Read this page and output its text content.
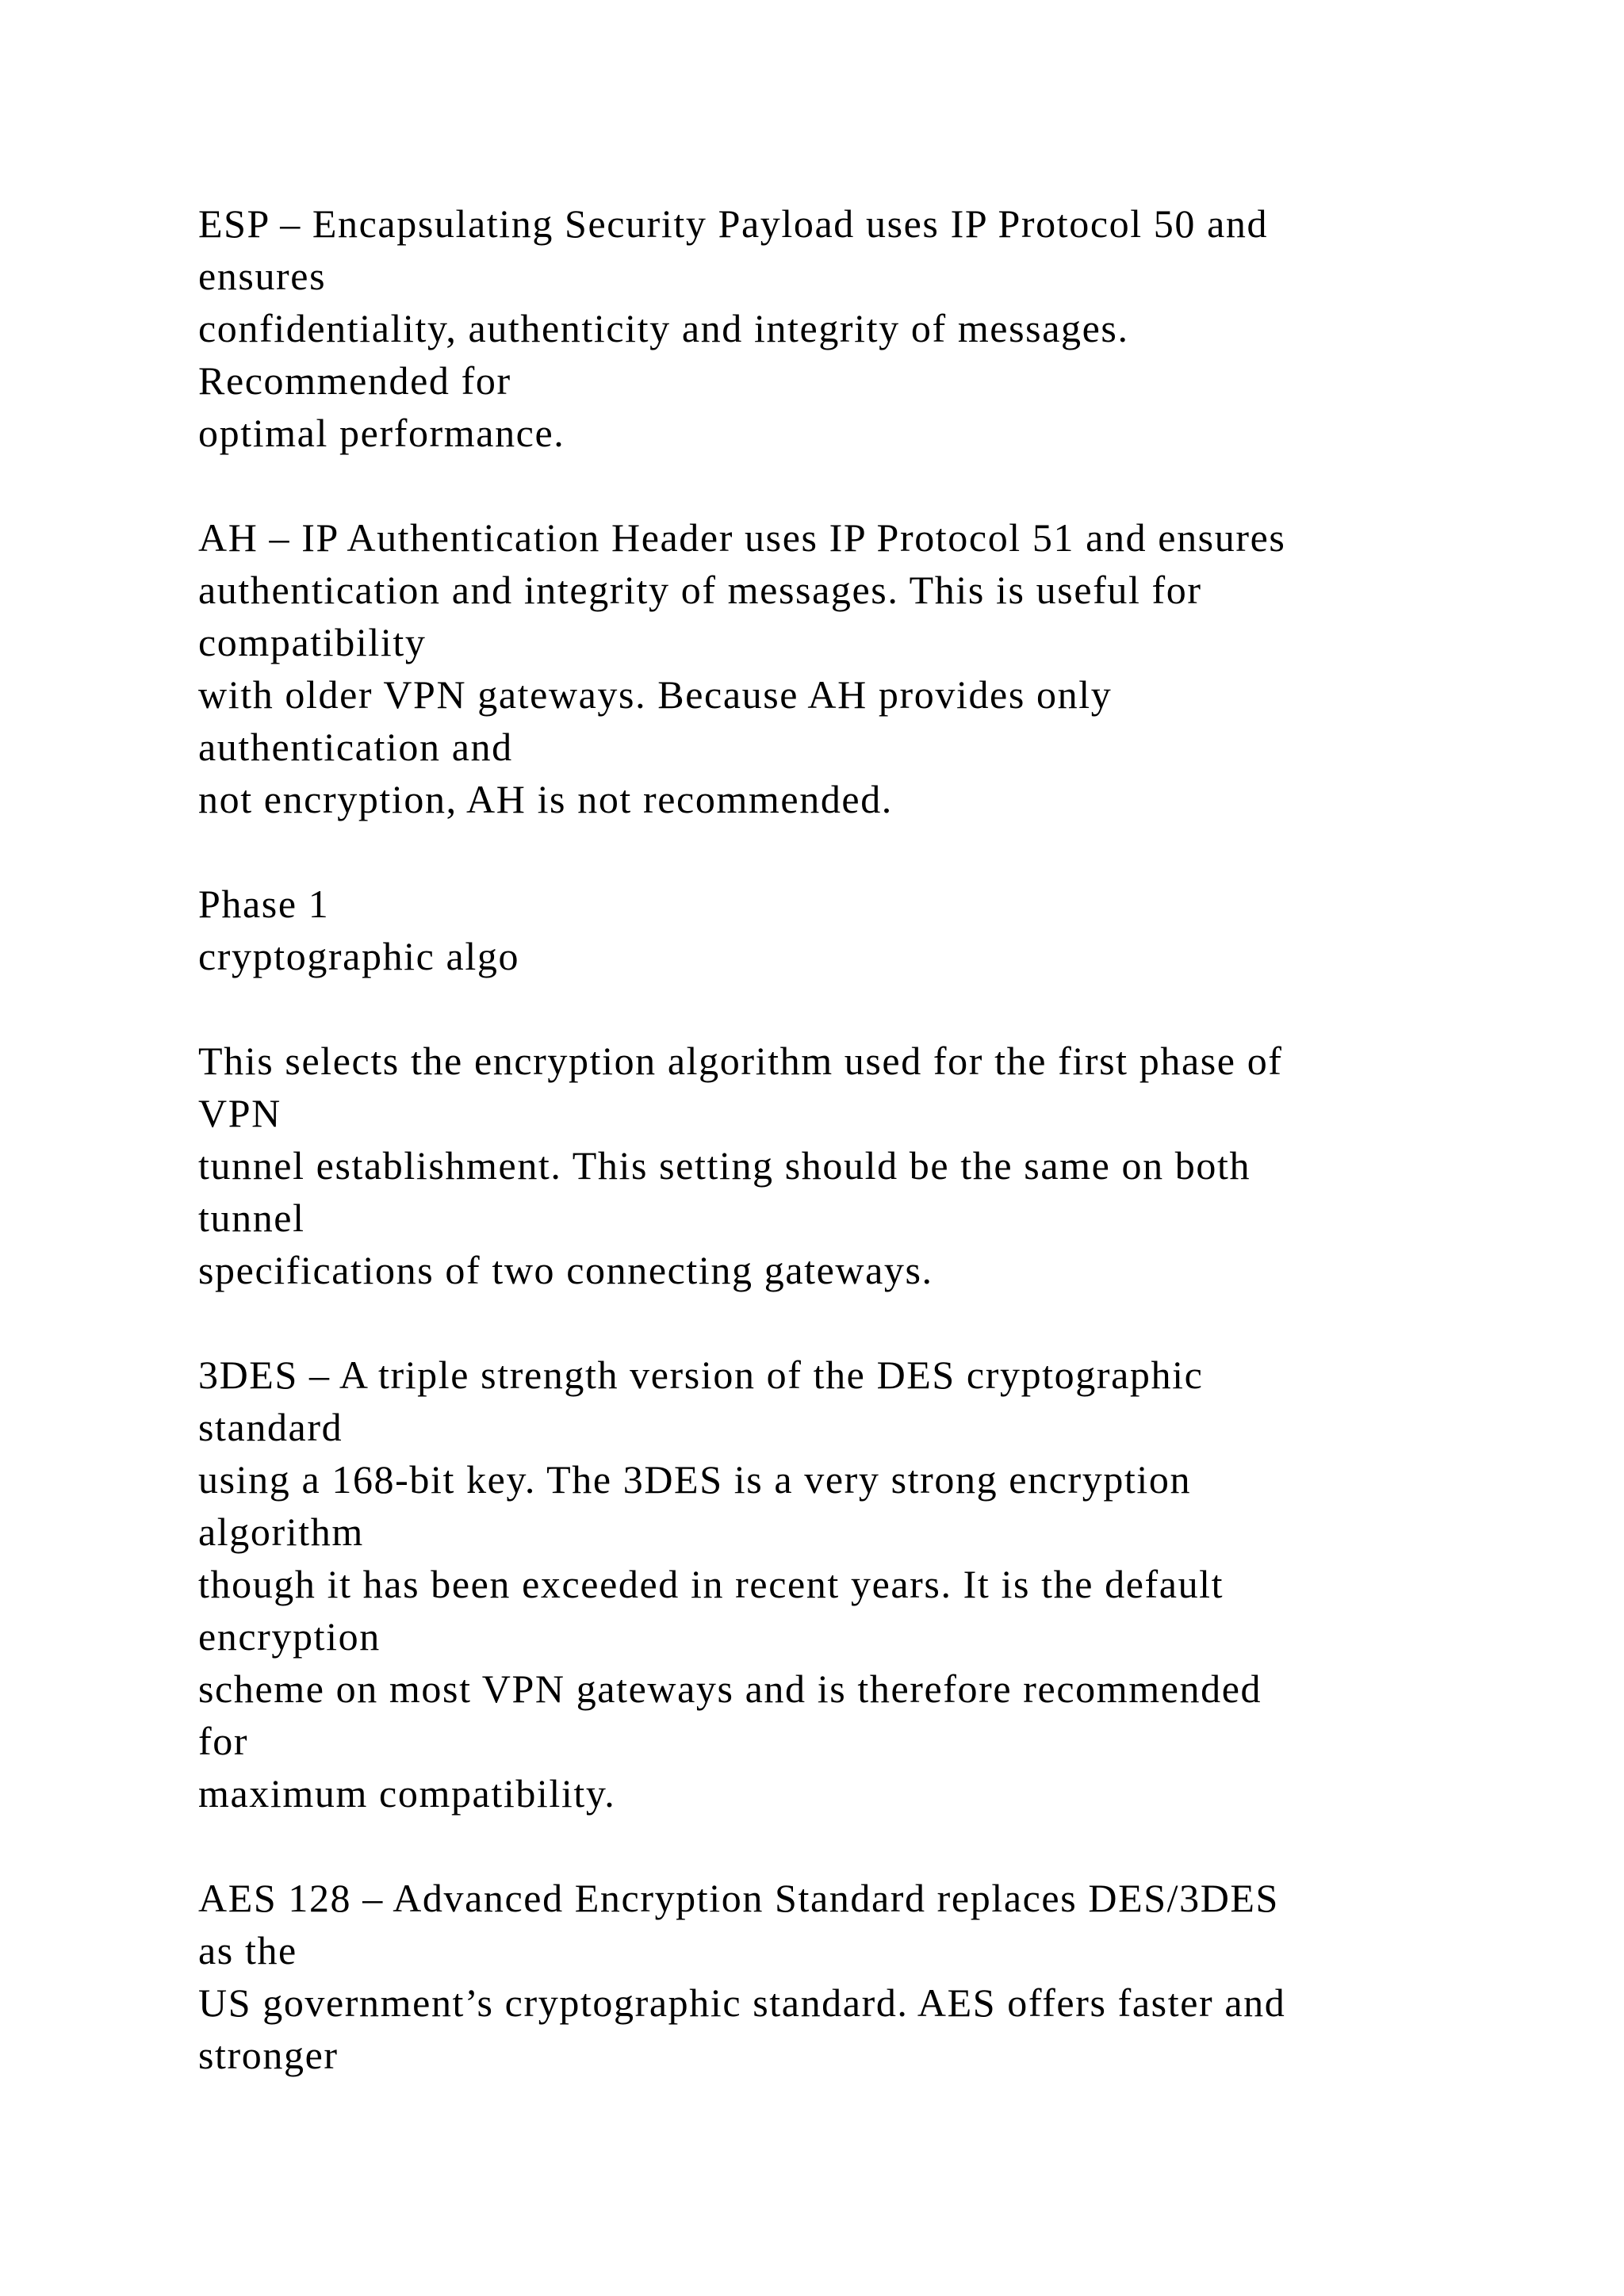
ESP – Encapsulating Security Payload uses IP Protocol 50 and
ensures
confidentiality, authenticity and integrity of messages.
Recommended for
optimal performance.
AH – IP Authentication Header uses IP Protocol 51 and ensures
authentication and integrity of messages. This is useful for
compatibility
with older VPN gateways. Because AH provides only
authentication and
not encryption, AH is not recommended.
Phase 1
cryptographic algo
This selects the encryption algorithm used for the first phase of
VPN
tunnel establishment. This setting should be the same on both
tunnel
specifications of two connecting gateways.
3DES – A triple strength version of the DES cryptographic
standard
using a 168-bit key. The 3DES is a very strong encryption
algorithm
though it has been exceeded in recent years. It is the default
encryption
scheme on most VPN gateways and is therefore recommended
for
maximum compatibility.
AES 128 – Advanced Encryption Standard replaces DES/3DES
as the
US government’s cryptographic standard. AES offers faster and
stronger
